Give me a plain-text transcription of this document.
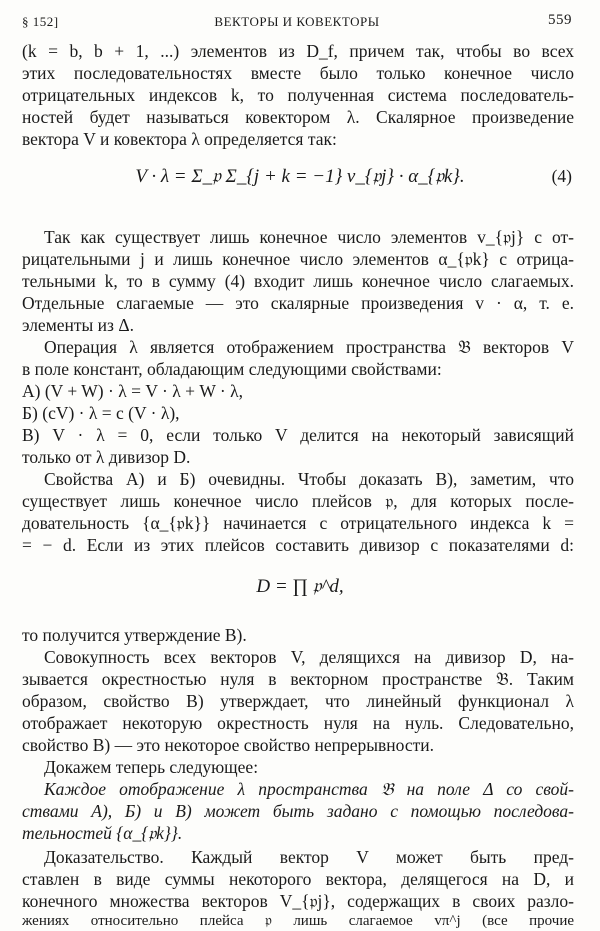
§ 152]	ВЕКТОРЫ И КОВЕКТОРЫ	559
(k = b, b + 1, ...) элементов из D_f, причем так, чтобы во всех
этих последовательностях вместе было только конечное число
отрицательных индексов k, то полученная система последователь-
ностей будет называться ковектором λ. Скалярное произведение
вектора V и ковектора λ определяется так:
V · λ = Σ_𝔭 Σ_{j + k = −1} v_{𝔭j} · α_{𝔭k}.	(4)
Так как существует лишь конечное число элементов v_{𝔭j} с от-
рицательными j и лишь конечное число элементов α_{𝔭k} с отрица-
тельными k, то в сумму (4) входит лишь конечное число слагаемых.
Отдельные слагаемые — это скалярные произведения v · α, т. е.
элементы из Δ.
Операция λ является отображением пространства 𝔅 векторов V
в поле констант, обладающим следующими свойствами:
А) (V + W) · λ = V · λ + W · λ,
Б) (cV) · λ = c (V · λ),
В) V · λ = 0, если только V делится на некоторый зависящий
только от λ дивизор D.
Свойства А) и Б) очевидны. Чтобы доказать В), заметим, что
существует лишь конечное число плейсов 𝔭, для которых после-
довательность {α_{𝔭k}} начинается с отрицательного индекса k =
= − d. Если из этих плейсов составить дивизор с показателями d:
D = ∏ 𝔭^d,
то получится утверждение В).
Совокупность всех векторов V, делящихся на дивизор D, на-
зывается окрестностью нуля в векторном пространстве 𝔅. Таким
образом, свойство В) утверждает, что линейный функционал λ
отображает некоторую окрестность нуля на нуль. Следовательно,
свойство В) — это некоторое свойство непрерывности.
Докажем теперь следующее:
Каждое отображение λ пространства 𝔅 на поле Δ со свой-
ствами А), Б) и В) может быть задано с помощью последова-
тельностей {α_{𝔭k}}.
Доказательство. Каждый вектор V может быть пред-
ставлен в виде суммы некоторого вектора, делящегося на D, и
конечного множества векторов V_{𝔭j}, содержащих в своих разло-
жениях относительно плейса 𝔭 лишь слагаемое vπ^j (все прочие
